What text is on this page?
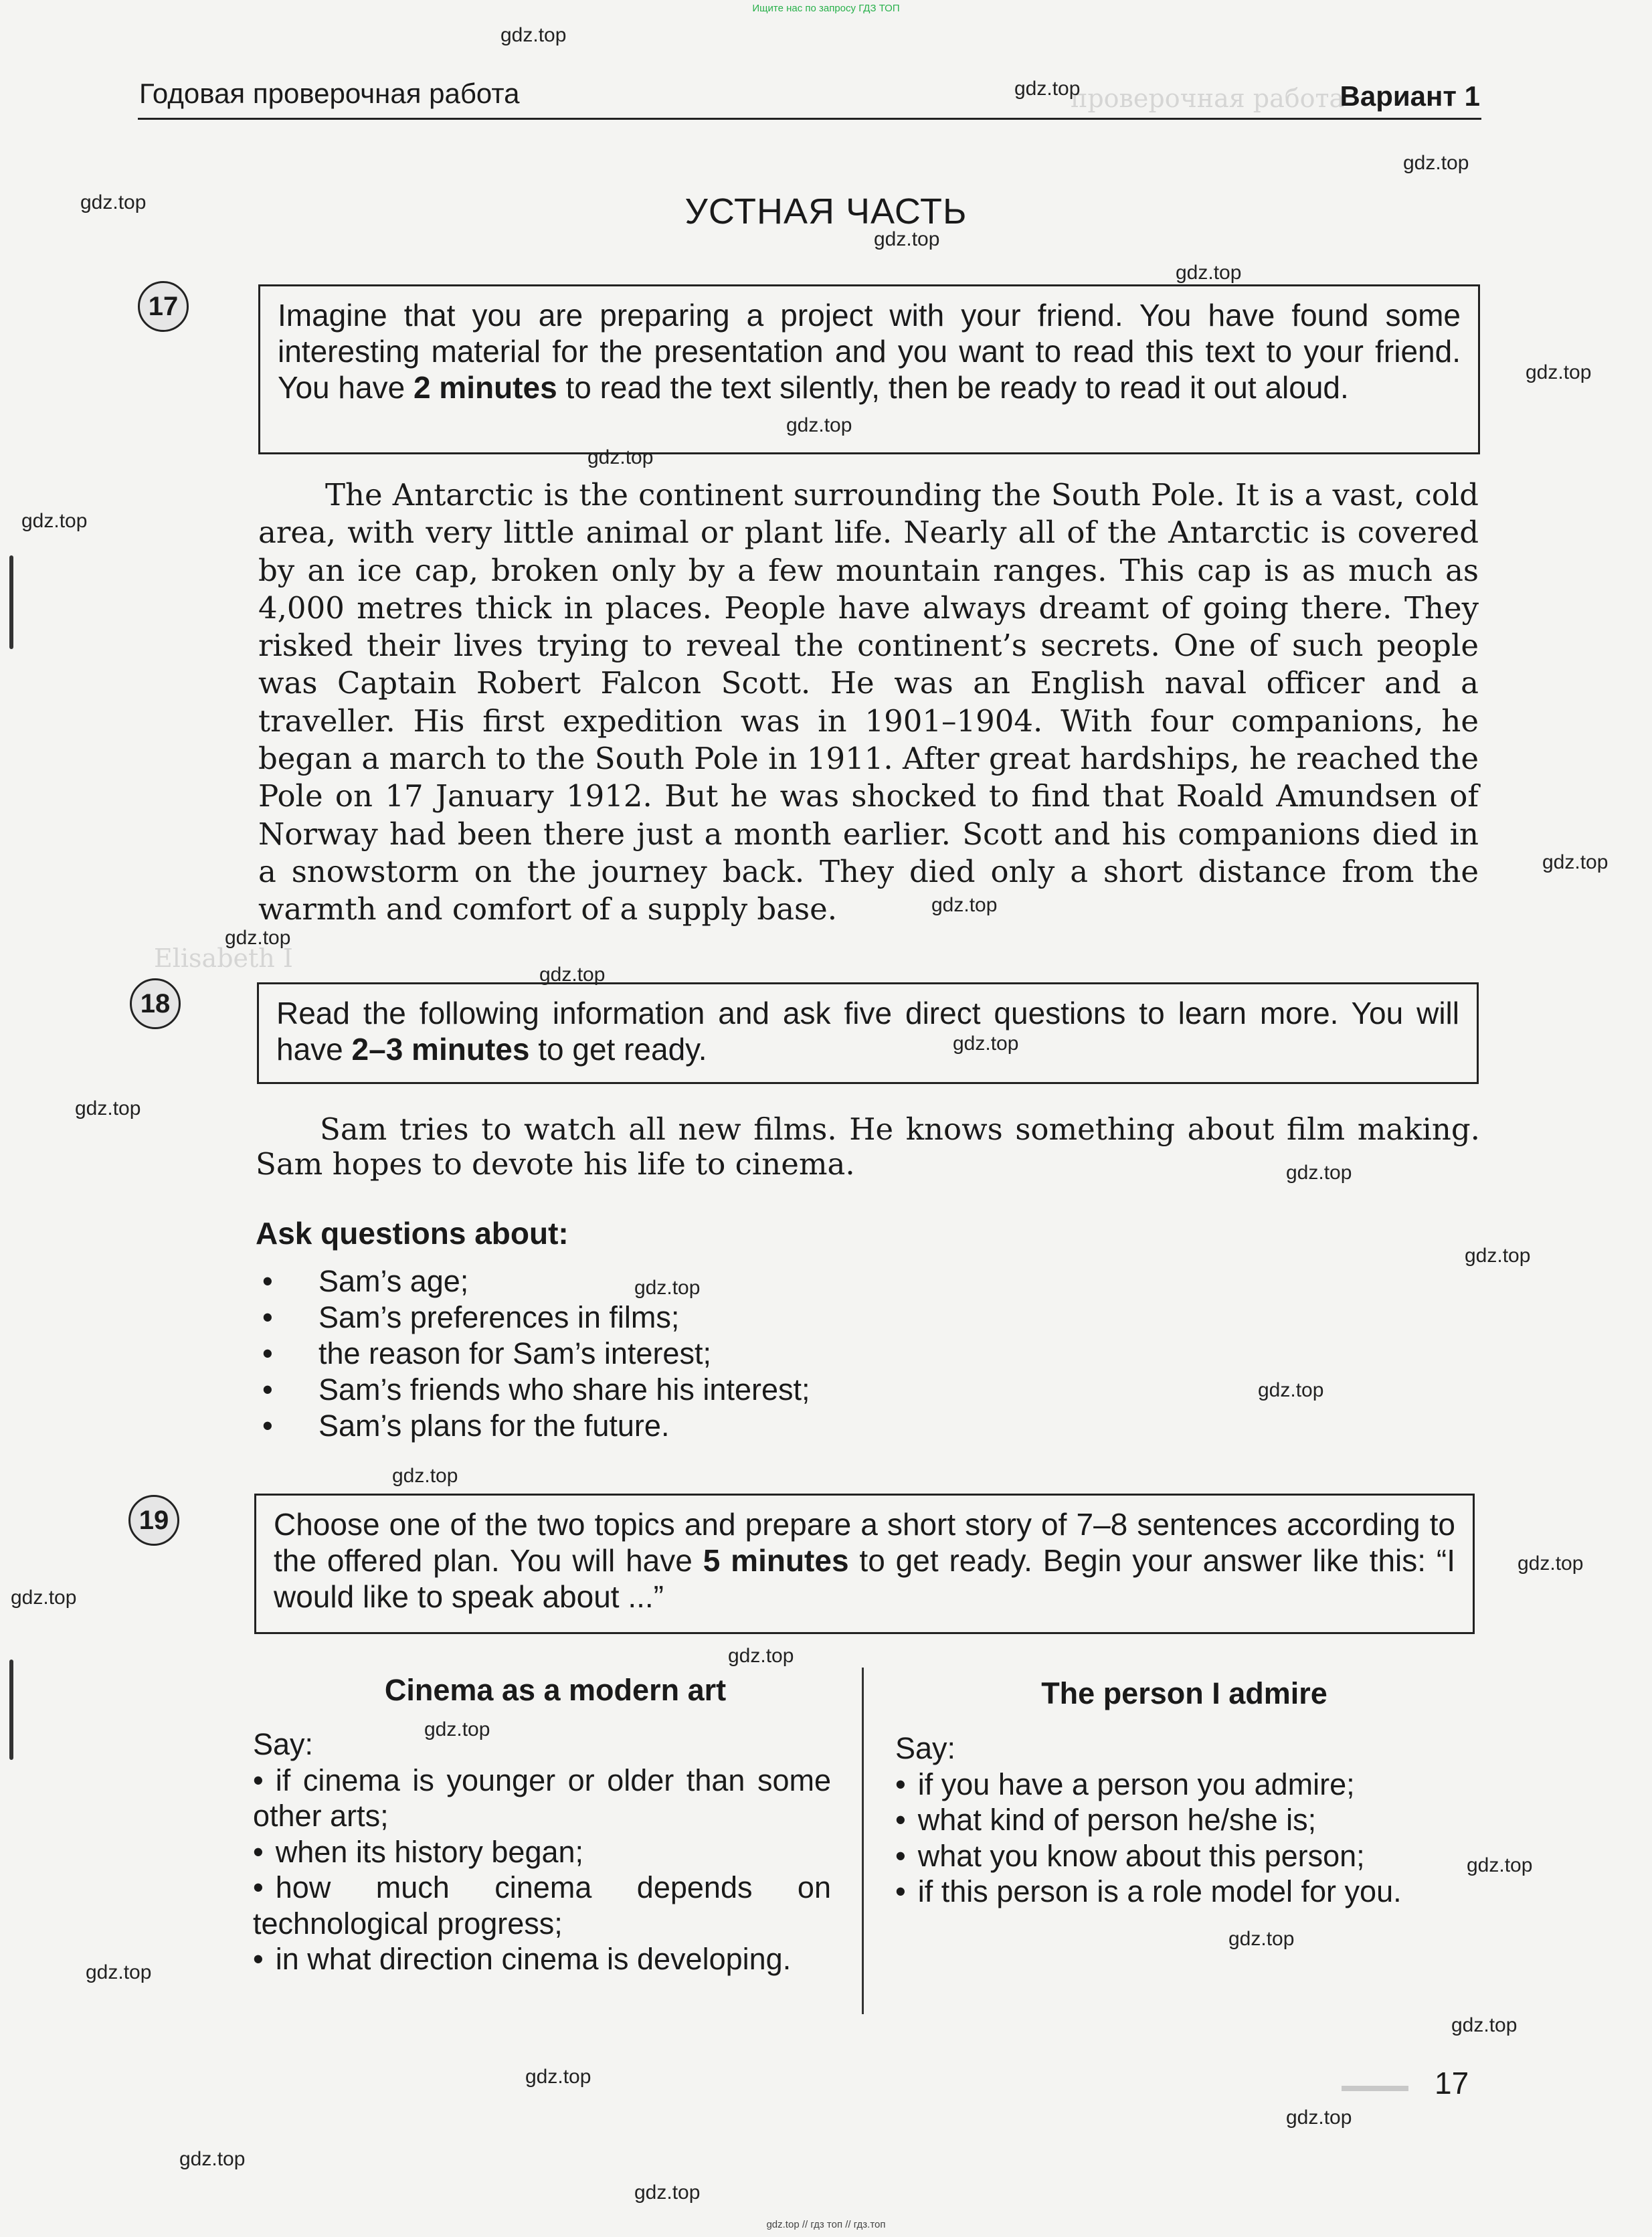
проверочная работа
Elisabeth I
Ищите нас по запросу ГДЗ ТОП
Годовая проверочная работа	Вариант 1
УСТНАЯ ЧАСТЬ
17	Imagine that you are preparing a project with your friend. You have found some interesting material for the presentation and you want to read this text to your friend. You have 2 minutes to read the text silently, then be ready to read it out aloud.

The Antarctic is the continent surrounding the South Pole. It is a vast, cold area, with very little animal or plant life. Nearly all of the Antarctic is covered by an ice cap, broken only by a few mountain ranges. This cap is as much as 4,000 metres thick in places. People have always dreamt of going there. They risked their lives trying to reveal the continent’s secrets. One of such people was Captain Robert Falcon Scott. He was an English naval officer and a traveller. His first expedition was in 1901–1904. With four companions, he began a march to the South Pole in 1911. After great hardships, he reached the Pole on 17 January 1912. But he was shocked to find that Roald Amundsen of Norway had been there just a month earlier. Scott and his companions died in a snowstorm on the journey back. They died only a short distance from the warmth and comfort of a supply base.

18	Read the following information and ask five direct questions to learn more. You will have 2–3 minutes to get ready.

Sam tries to watch all new films. He knows something about film making. Sam hopes to devote his life to cinema.

Ask questions about:
• Sam’s age;
• Sam’s preferences in films;
• the reason for Sam’s interest;
• Sam’s friends who share his interest;
• Sam’s plans for the future.
19	Choose one of the two topics and prepare a short story of 7–8 sentences according to the offered plan. You will have 5 minutes to get ready. Begin your answer like this: “I would like to speak about ...”
Cinema as a modern art	The person I admire

Say:

• if cinema is younger or older than some other arts;
• when its history began;
• how much cinema depends on technological progress;
• in what direction cinema is developing.

Say:

• if you have a person you admire;
• what kind of person he/she is;
• what you know about this person;
• if this person is a role model for you.
17
gdz.top
gdz.top
gdz.top
gdz.top
gdz.top
gdz.top
gdz.top
gdz.top
gdz.top
gdz.top
gdz.top
gdz.top
gdz.top
gdz.top
gdz.top
gdz.top
gdz.top
gdz.top
gdz.top
gdz.top
gdz.top
gdz.top
gdz.top
gdz.top
gdz.top
gdz.top
gdz.top
gdz.top
gdz.top
gdz.top
gdz.top
gdz.top
gdz.top
gdz.top // гдз топ // гдз.топ
